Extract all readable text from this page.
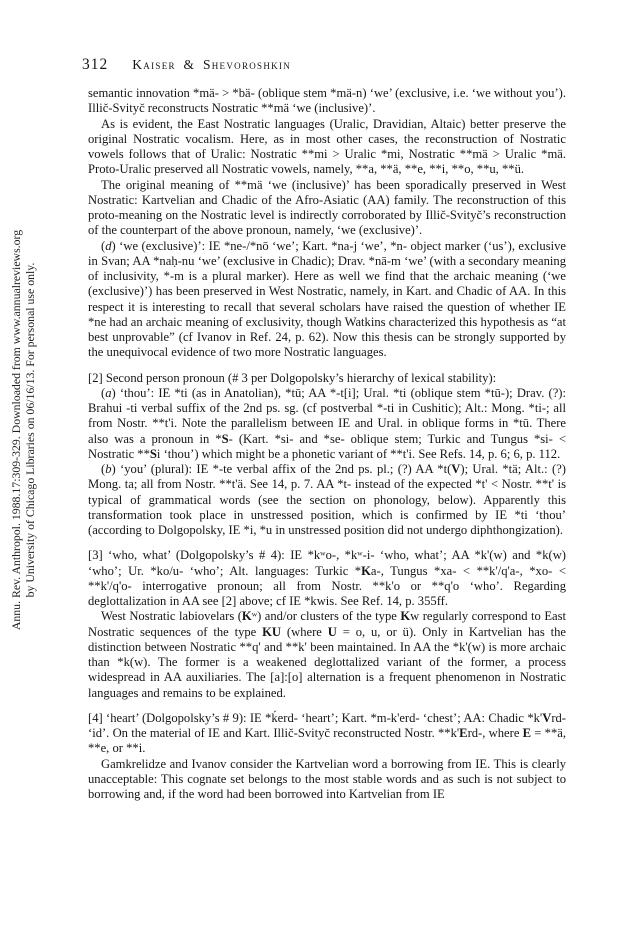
Annu. Rev. Anthropol. 1988.17:309-329. Downloaded from www.annualreviews.org by University of Chicago Libraries on 06/16/13. For personal use only.
312 Kaiser & Shevoroshkin

semantic innovation *mä- > *bä- (oblique stem *mä-n) ‘we’ (exclusive, i.e. ‘we without you’). Illič-Svityč reconstructs Nostratic **mä ‘we (inclusive)’.

As is evident, the East Nostratic languages (Uralic, Dravidian, Altaic) better preserve the original Nostratic vocalism. Here, as in most other cases, the reconstruction of Nostratic vowels follows that of Uralic: Nostratic **mi > Uralic *mi, Nostratic **mä > Uralic *mä. Proto-Uralic preserved all Nostratic vowels, namely, **a, **ä, **e, **i, **o, **u, **ü.

The original meaning of **mä ‘we (inclusive)’ has been sporadically preserved in West Nostratic: Kartvelian and Chadic of the Afro-Asiatic (AA) family. The reconstruction of this proto-meaning on the Nostratic level is indirectly corroborated by Illič-Svityč’s reconstruction of the counterpart of the above pronoun, namely, ‘we (exclusive)’.

(d) ‘we (exclusive)’: IE *ne-/*nō ‘we’; Kart. *na-j ‘we’, *n- object marker (‘us’), exclusive in Svan; AA *naḥ-nu ‘we’ (exclusive in Chadic); Drav. *nā-m ‘we’ (with a secondary meaning of inclusivity, *-m is a plural marker). Here as well we find that the archaic meaning (‘we (exclusive)’) has been preserved in West Nostratic, namely, in Kart. and Chadic of AA. In this respect it is interesting to recall that several scholars have raised the question of whether IE *ne had an archaic meaning of exclusivity, though Watkins characterized this hypothesis as “at best unprovable” (cf Ivanov in Ref. 24, p. 62). Now this thesis can be strongly supported by the unequivocal evidence of two more Nostratic languages.

[2] Second person pronoun (# 3 per Dolgopolsky’s hierarchy of lexical stability):

(a) ‘thou’: IE *ti (as in Anatolian), *tū; AA *-t[i]; Ural. *ti (oblique stem *tū-); Drav. (?): Brahui -ti verbal suffix of the 2nd ps. sg. (cf postverbal *-ti in Cushitic); Alt.: Mong. *ti-; all from Nostr. **t'i. Note the parallelism between IE and Ural. in oblique forms in *tū. There also was a pronoun in *S- (Kart. *si- and *se- oblique stem; Turkic and Tungus *si- < Nostratic **Si ‘thou’) which might be a phonetic variant of **t'i. See Refs. 14, p. 6; 6, p. 112.

(b) ‘you’ (plural): IE *-te verbal affix of the 2nd ps. pl.; (?) AA *t(V); Ural. *tä; Alt.: (?) Mong. ta; all from Nostr. **t'ä. See 14, p. 7. AA *t- instead of the expected *t' < Nostr. **t' is typical of grammatical words (see the section on phonology, below). Apparently this transformation took place in unstressed position, which is confirmed by IE *ti ‘thou’ (according to Dolgopolsky, IE *i, *u in unstressed position did not undergo diphthongization).

[3] ‘who, what’ (Dolgopolsky’s # 4): IE *kʷo-, *kʷ-i- ‘who, what’; AA *k'(w) and *k(w) ‘who’; Ur. *ko/u- ‘who’; Alt. languages: Turkic *Ka-, Tungus *xa- < **k'/q'a-, *xo- < **k'/q'o- interrogative pronoun; all from Nostr. **k'o or **q'o ‘who’. Regarding deglottalization in AA see [2] above; cf IE *kwis. See Ref. 14, p. 355ff.

West Nostratic labiovelars (Kʷ) and/or clusters of the type Kw regularly correspond to East Nostratic sequences of the type KU (where U = o, u, or ü). Only in Kartvelian has the distinction between Nostratic **q' and **k' been maintained. In AA the *k'(w) is more archaic than *k(w). The former is a weakened deglottalized variant of the former, a process widespread in AA auxiliaries. The [a]:[o] alternation is a frequent phenomenon in Nostratic languages and remains to be explained.

[4] ‘heart’ (Dolgopolsky’s # 9): IE *ḱerd- ‘heart’; Kart. *m-k'erd- ‘chest’; AA: Chadic *k'Vrd- ‘id’. On the material of IE and Kart. Illič-Svityč reconstructed Nostr. **k'Erd-, where E = **ä, **e, or **i.

Gamkrelidze and Ivanov consider the Kartvelian word a borrowing from IE. This is clearly unacceptable: This cognate set belongs to the most stable words and as such is not subject to borrowing and, if the word had been borrowed into Kartvelian from IE
